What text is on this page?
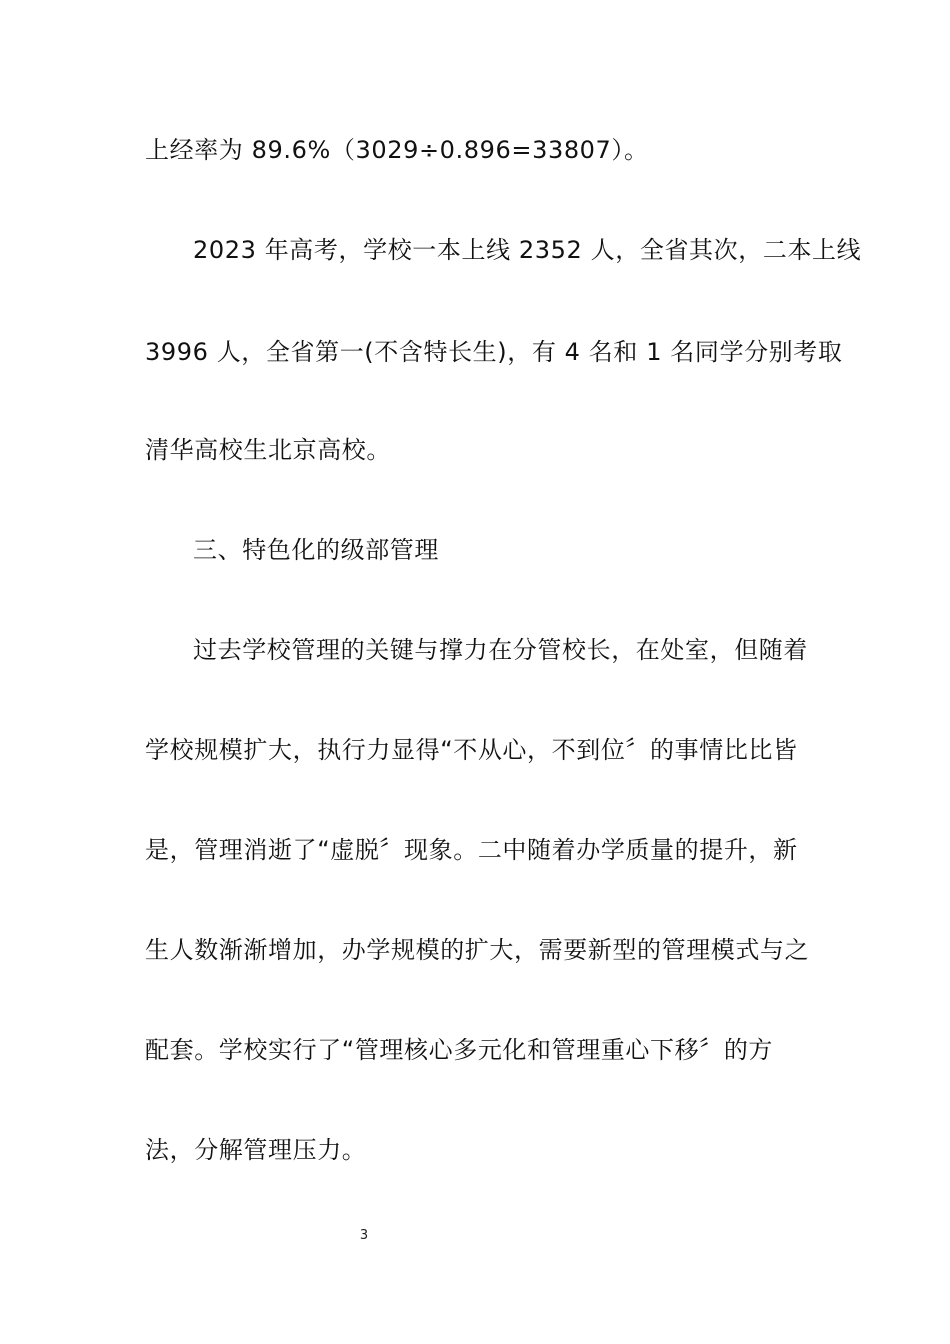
上经率为 89.6%（3029÷0.896=33807）。
2023 年高考，学校一本上线 2352 人，全省其次，二本上线
3996 人，全省第一(不含特长生)，有 4 名和 1 名同学分别考取
清华高校生北京高校。
三、特色化的级部管理
过去学校管理的关键与撑力在分管校长，在处室，但随着
学校规模扩大，执行力显得“不从心，不到位〞的事情比比皆
是，管理消逝了“虚脱〞现象。二中随着办学质量的提升，新
生人数渐渐增加，办学规模的扩大，需要新型的管理模式与之
配套。学校实行了“管理核心多元化和管理重心下移〞的方
法，分解管理压力。
3
